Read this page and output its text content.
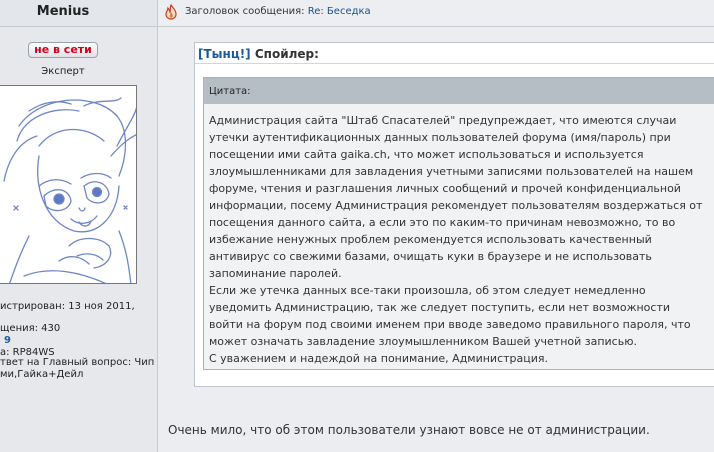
Menius
не в сети
Эксперт
истрирован: 13 ноя 2011,
щения: 430
9
а: RP84WS
твет на Главный вопрос: Чип
ми,Гайка+Дейл
Заголовок сообщения: Re: Беседка
[Тынц!] Спойлер:
Цитата:
Администрация сайта "Штаб Спасателей" предупреждает, что имеются случаи
утечки аутентификационных данных пользователей форума (имя/пароль) при
посещении ими сайта gaika.ch, что может использоваться и используется
злоумышленниками для завладения учетными записями пользователей на нашем
форуме, чтения и разглашения личных сообщений и прочей конфиденциальной
информации, посему Администрация рекомендует пользователям воздержаться от
посещения данного сайта, а если это по каким-то причинам невозможно, то во
избежание ненужных проблем рекомендуется использовать качественный
антивирус со свежими базами, очищать куки в браузере и не использовать
запоминание паролей.
Если же утечка данных все-таки произошла, об этом следует немедленно
уведомить Администрацию, так же следует поступить, если нет возможности
войти на форум под своими именем при вводе заведомо правильного пароля, что
может означать завладение злоумышленником Вашей учетной записью.
С уважением и надеждой на понимание, Администрация.
Очень мило, что об этом пользователи узнают вовсе не от администрации.
